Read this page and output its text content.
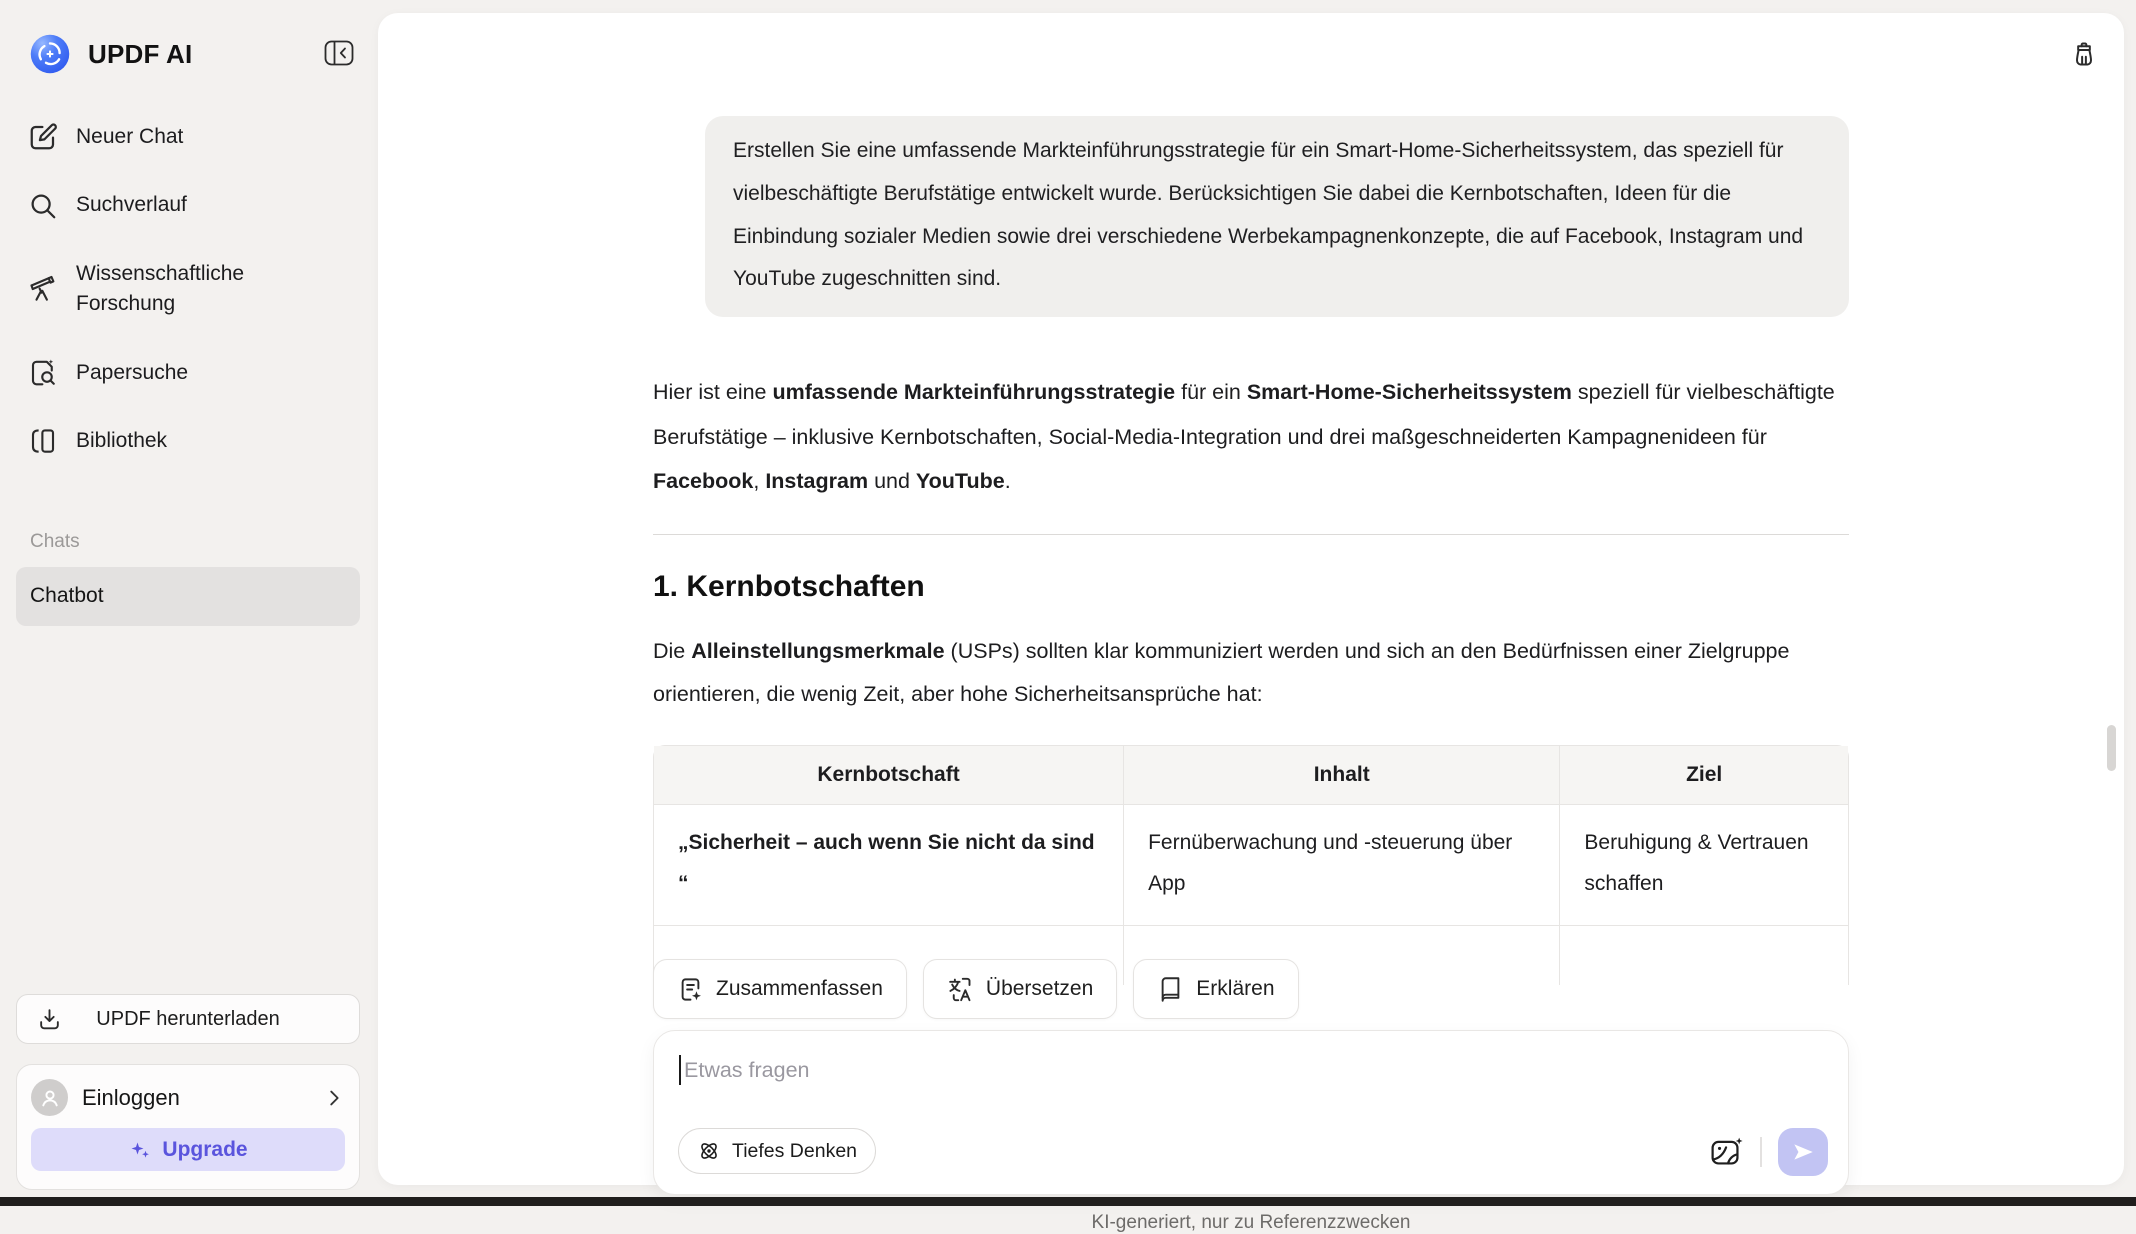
UPDF AI
Neuer Chat
Suchverlauf
Wissenschaftliche Forschung
Papersuche
Bibliothek
Chats
Chatbot
UPDF herunterladen
Einloggen
Upgrade
Erstellen Sie eine umfassende Markteinführungsstrategie für ein Smart-Home-Sicherheitssystem, das speziell für vielbeschäftigte Berufstätige entwickelt wurde. Berücksichtigen Sie dabei die Kernbotschaften, Ideen für die Einbindung sozialer Medien sowie drei verschiedene Werbekampagnenkonzepte, die auf Facebook, Instagram und YouTube zugeschnitten sind.

Hier ist eine umfassende Markteinführungsstrategie für ein Smart-Home-Sicherheitssystem speziell für vielbeschäftigte Berufstätige – inklusive Kernbotschaften, Social-Media-Integration und drei maßgeschneiderten Kampagnenideen für Facebook, Instagram und YouTube.

1. Kernbotschaften

Die Alleinstellungsmerkmale (USPs) sollten klar kommuniziert werden und sich an den Bedürfnissen einer Zielgruppe orientieren, die wenig Zeit, aber hohe Sicherheitsansprüche hat:

Kernbotschaft	Inhalt	Ziel
„Sicherheit – auch wenn Sie nicht da sind “	Fernüberwachung und -steuerung über App	Beruhigung & Vertrauen schaffen

Zusammenfassen	Übersetzen	Erklären
Etwas fragen
Tiefes Denken
KI-generiert, nur zu Referenzzwecken
